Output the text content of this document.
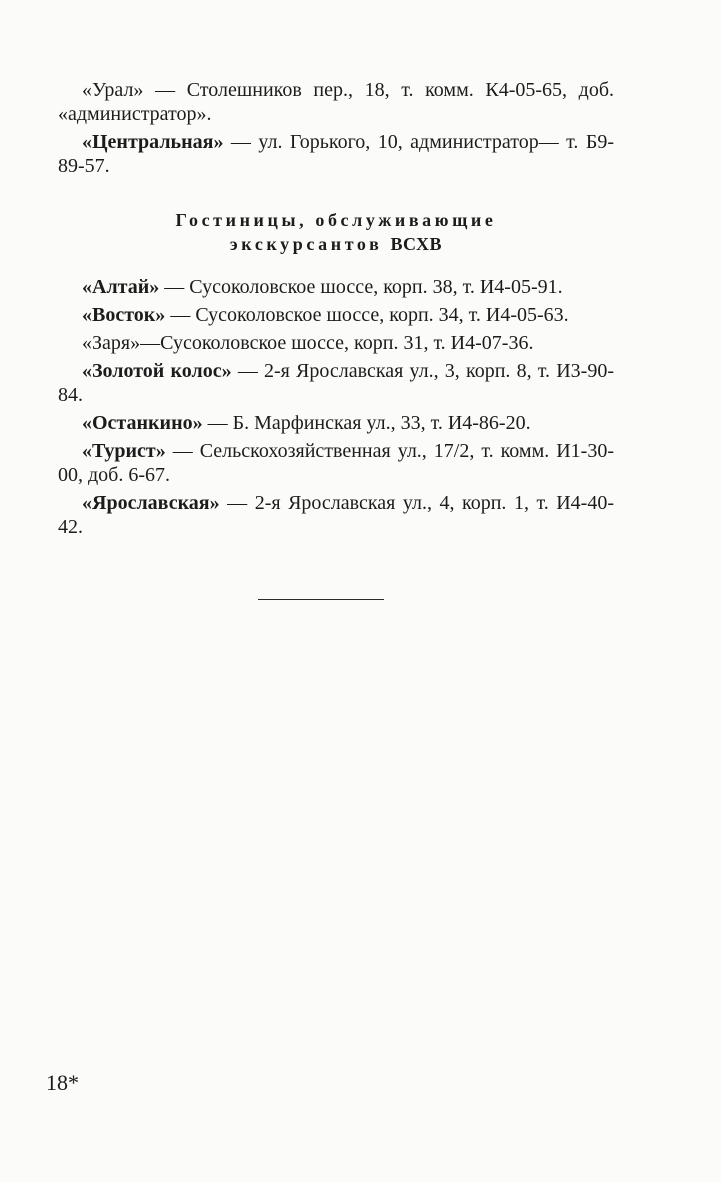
«Урал» — Столешников пер., 18, т. комм. К4-05-65, доб. «администратор».

«Центральная» — ул. Горького, 10, администратор— т. Б9-89-57.

Гостиницы, обслуживающие
экскурсантов ВСХВ

«Алтай» — Сусоколовское шоссе, корп. 38, т. И4-05-91.

«Восток» — Сусоколовское шоссе, корп. 34, т. И4-05-63.

«Заря»—Сусоколовское шоссе, корп. 31, т. И4-07-36.

«Золотой колос» — 2-я Ярославская ул., 3, корп. 8, т. И3-90-84.

«Останкино» — Б. Марфинская ул., 33, т. И4-86-20.

«Турист» — Сельскохозяйственная ул., 17/2, т. комм. И1-30-00, доб. 6-67.

«Ярославская» — 2-я Ярославская ул., 4, корп. 1, т. И4-40-42.

18*
